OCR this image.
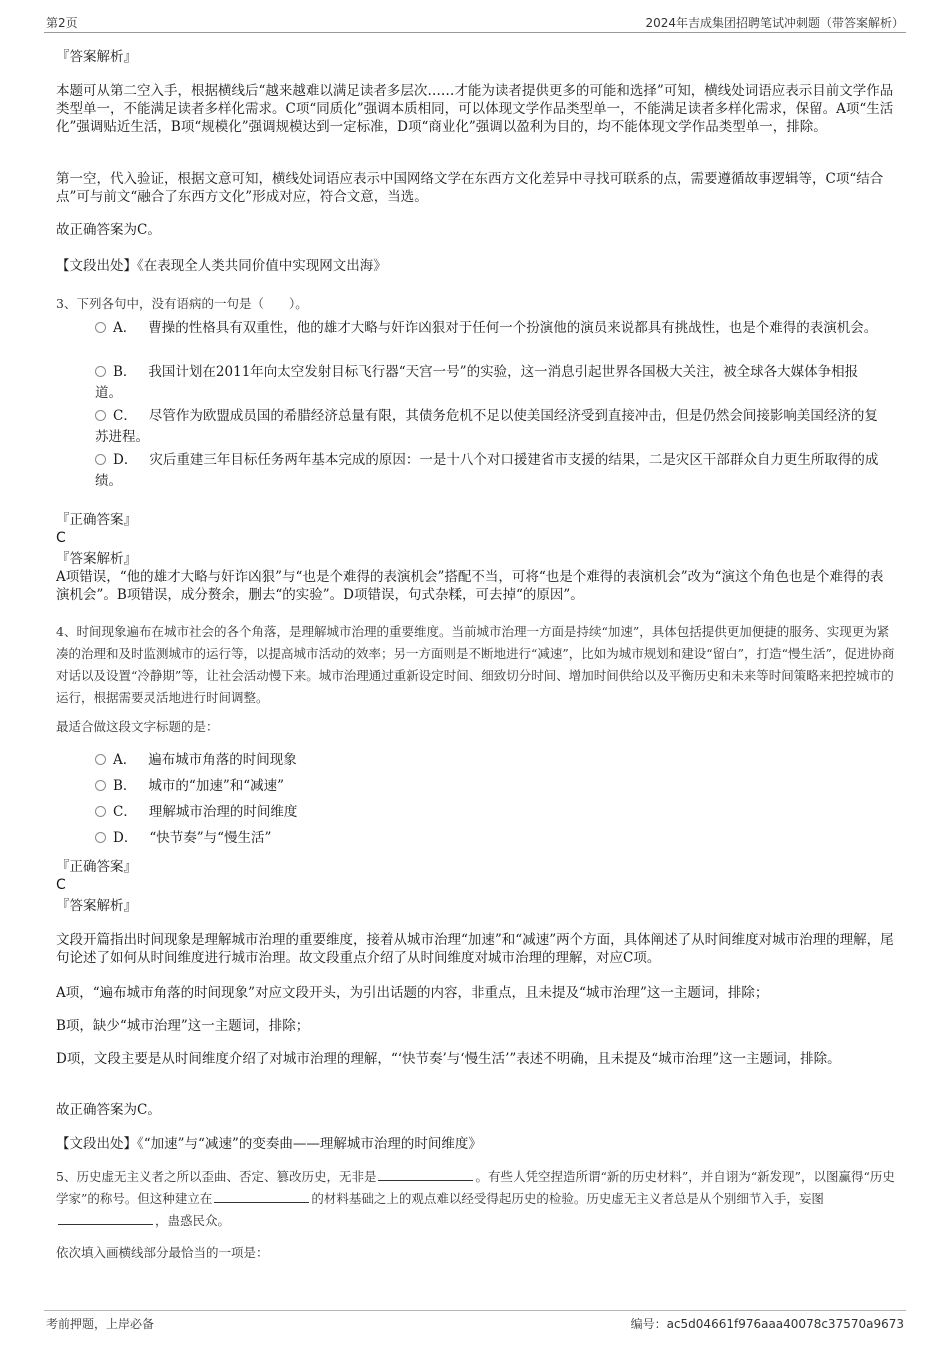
第2页	2024年吉成集团招聘笔试冲刺题（带答案解析）

『答案解析』

本题可从第二空入手，根据横线后“越来越难以满足读者多层次……才能为读者提供更多的可能和选择”可知，横线处词语应表示目前文学作品类型单一，不能满足读者多样化需求。C项“同质化”强调本质相同，可以体现文学作品类型单一，不能满足读者多样化需求，保留。A项“生活化”强调贴近生活，B项“规模化”强调规模达到一定标准，D项“商业化”强调以盈利为目的，均不能体现文学作品类型单一，排除。

第一空，代入验证，根据文意可知，横线处词语应表示中国网络文学在东西方文化差异中寻找可联系的点，需要遵循故事逻辑等，C项“结合点”可与前文“融合了东西方文化”形成对应，符合文意，当选。

故正确答案为C。

【文段出处】《在表现全人类共同价值中实现网文出海》

3、下列各句中，没有语病的一句是（　　）。

A． 曹操的性格具有双重性，他的雄才大略与奸诈凶狠对于任何一个扮演他的演员来说都具有挑战性，也是个难得的表演机会。
B． 我国计划在2011年向太空发射目标飞行器“天宫一号”的实验，这一消息引起世界各国极大关注，被全球各大媒体争相报道。
C． 尽管作为欧盟成员国的希腊经济总量有限，其债务危机不足以使美国经济受到直接冲击，但是仍然会间接影响美国经济的复苏进程。
D． 灾后重建三年目标任务两年基本完成的原因：一是十八个对口援建省市支援的结果，二是灾区干部群众自力更生所取得的成绩。

『正确答案』

C

『答案解析』

A项错误，“他的雄才大略与奸诈凶狠”与“也是个难得的表演机会”搭配不当，可将“也是个难得的表演机会”改为“演这个角色也是个难得的表演机会”。B项错误，成分赘余，删去“的实验”。D项错误，句式杂糅，可去掉“的原因”。

4、时间现象遍布在城市社会的各个角落，是理解城市治理的重要维度。当前城市治理一方面是持续“加速”，具体包括提供更加便捷的服务、实现更为紧凑的治理和及时监测城市的运行等，以提高城市活动的效率；另一方面则是不断地进行“减速”，比如为城市规划和建设“留白”，打造“慢生活”，促进协商对话以及设置“冷静期”等，让社会活动慢下来。城市治理通过重新设定时间、细致切分时间、增加时间供给以及平衡历史和未来等时间策略来把控城市的运行，根据需要灵活地进行时间调整。

最适合做这段文字标题的是：

A． 遍布城市角落的时间现象
B． 城市的“加速”和“减速”
C． 理解城市治理的时间维度
D． “快节奏”与“慢生活”

『正确答案』

C

『答案解析』

文段开篇指出时间现象是理解城市治理的重要维度，接着从城市治理“加速”和“减速”两个方面，具体阐述了从时间维度对城市治理的理解，尾句论述了如何从时间维度进行城市治理。故文段重点介绍了从时间维度对城市治理的理解，对应C项。

A项，“遍布城市角落的时间现象”对应文段开头，为引出话题的内容，非重点，且未提及“城市治理”这一主题词，排除；

B项，缺少“城市治理”这一主题词，排除；

D项，文段主要是从时间维度介绍了对城市治理的理解，“‘快节奏’与‘慢生活’”表述不明确，且未提及“城市治理”这一主题词，排除。

故正确答案为C。

【文段出处】《“加速”与“减速”的变奏曲——理解城市治理的时间维度》

5、历史虚无主义者之所以歪曲、否定、篡改历史，无非是	。有些人凭空捏造所谓“新的历史材料”，并自诩为“新发现”，以图赢得“历史学家”的称号。但这种建立在	的材料基础之上的观点难以经受得起历史的检验。历史虚无主义者总是从个别细节入手，妄图，蛊惑民众。

依次填入画横线部分最恰当的一项是：

考前押题，上岸必备	编号：ac5d04661f976aaa40078c37570a9673
